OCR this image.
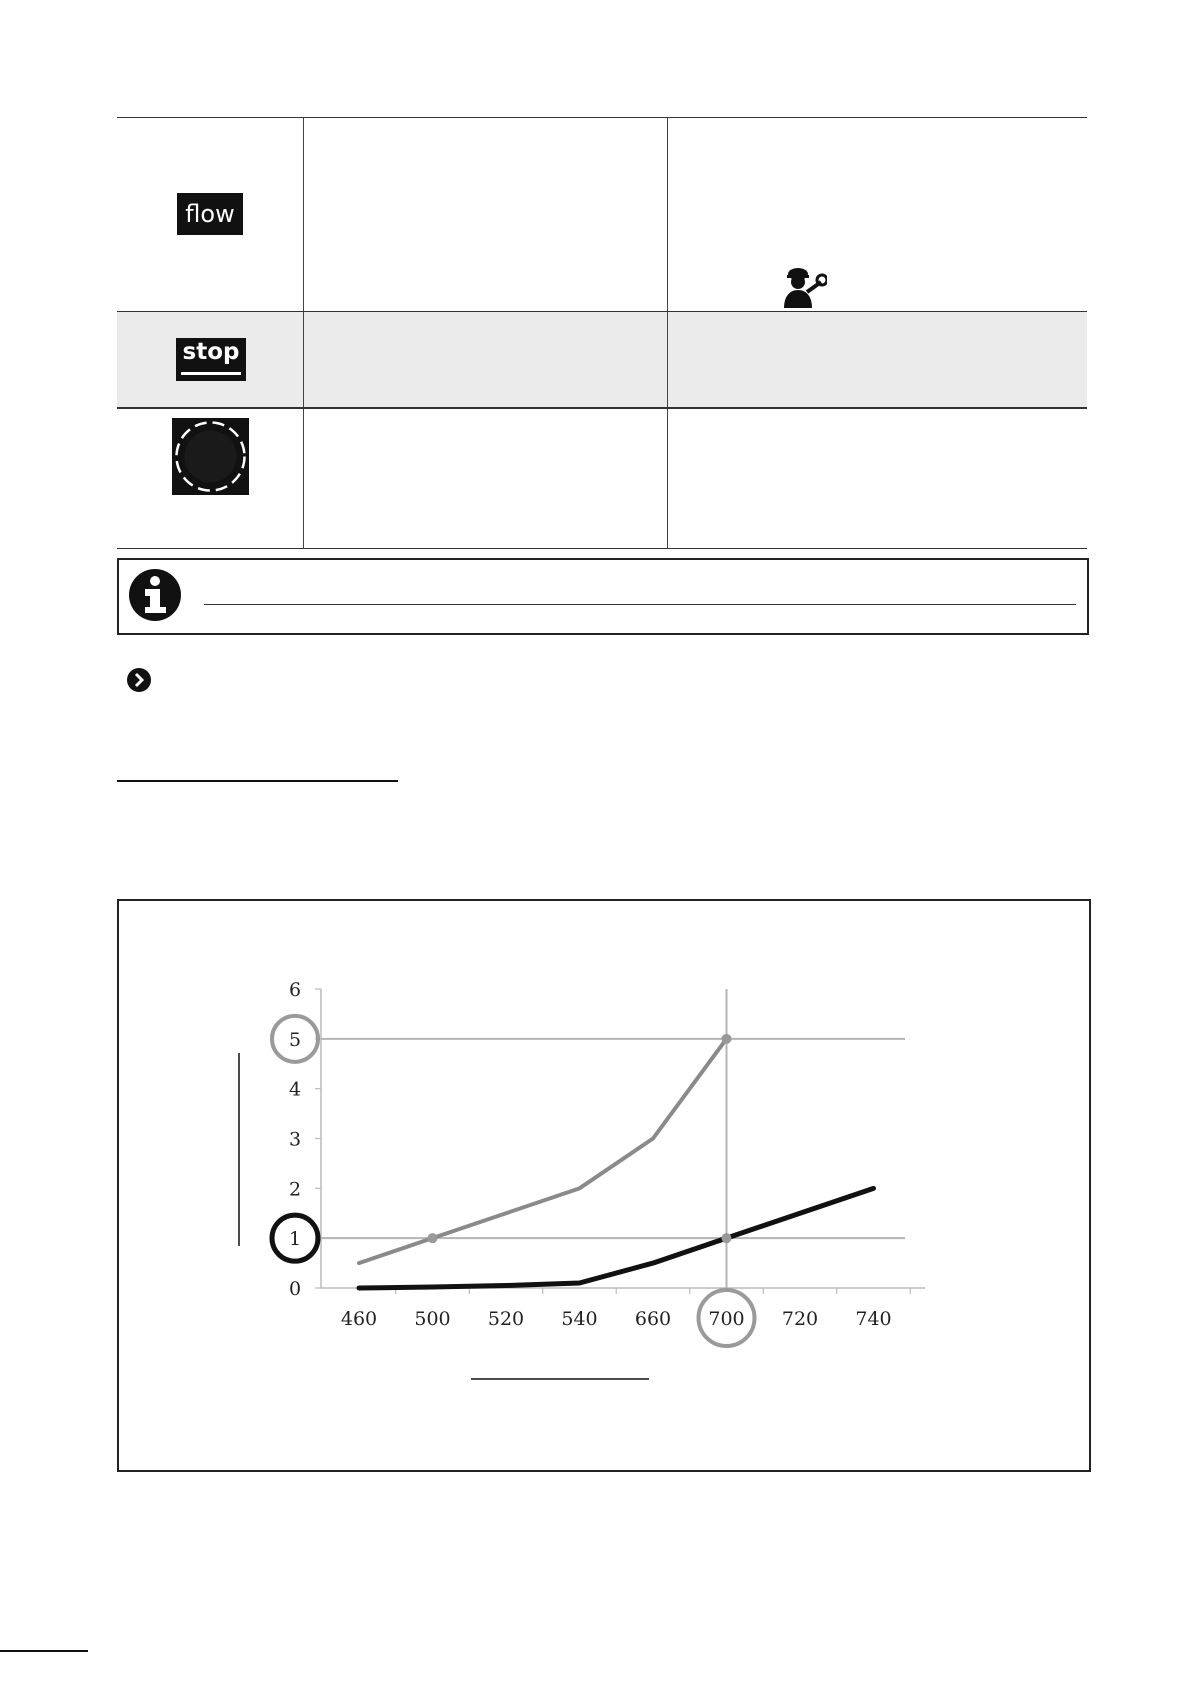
flow
stop
0
1
2
3
4
5
6
460 500 520 540 660 700 720 740
